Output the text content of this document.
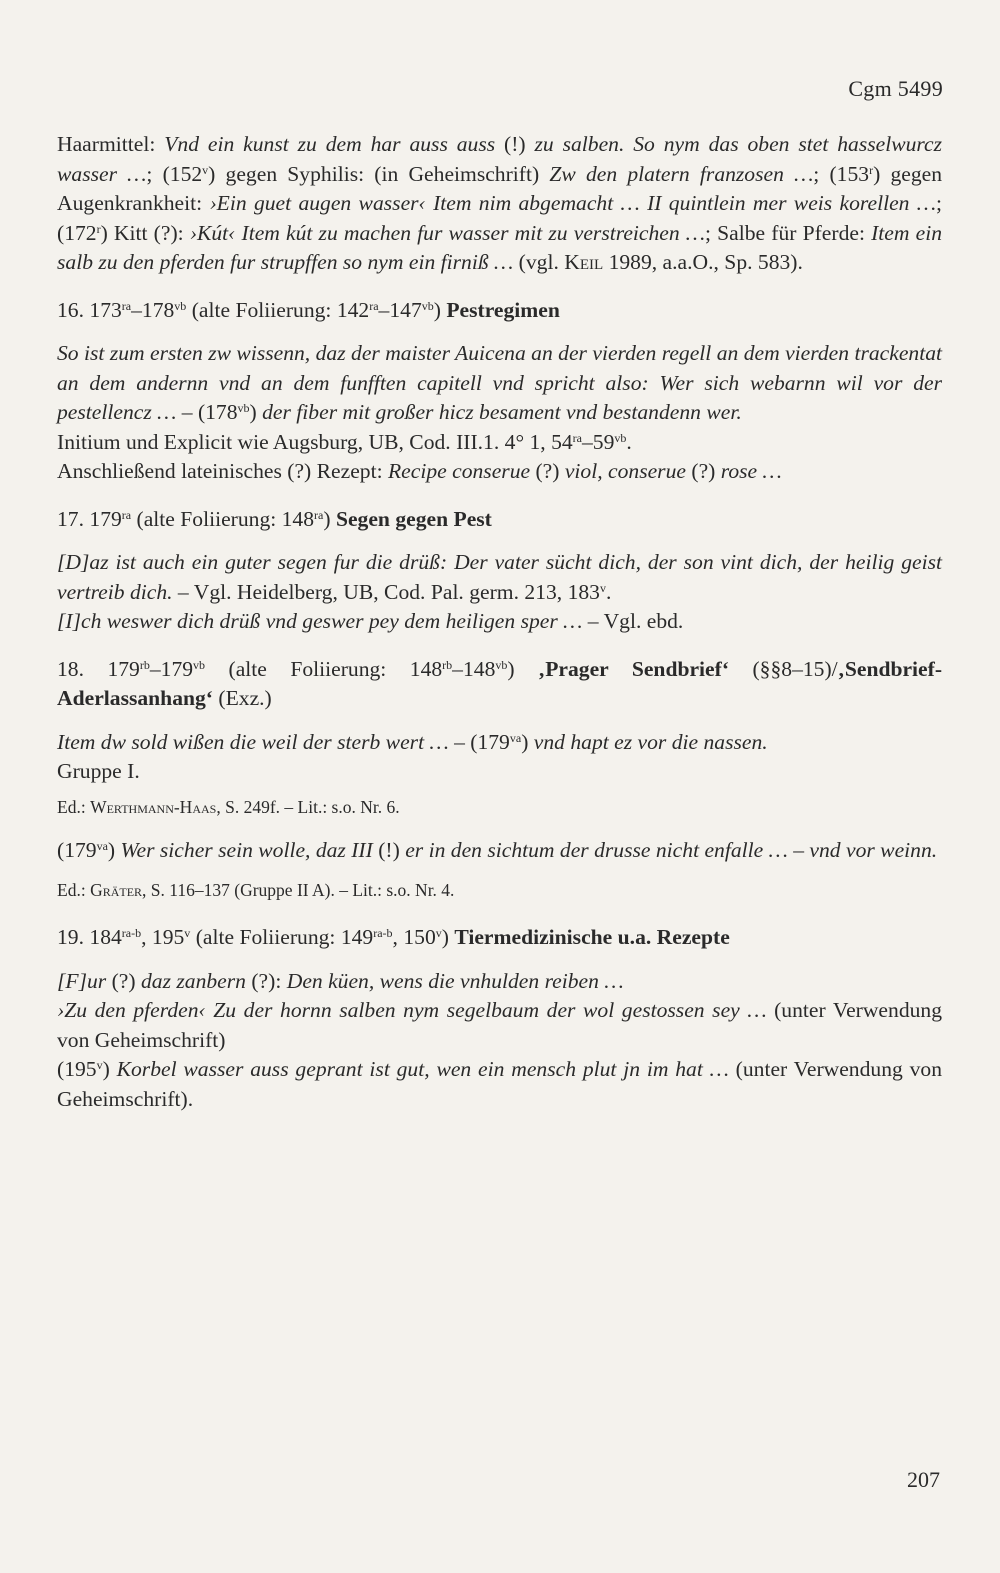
Cgm 5499

Haarmittel: Vnd ein kunst zu dem har auss auss (!) zu salben. So nym das oben stet hasselwurcz wasser …; (152$^v$) gegen Syphilis: (in Geheimschrift) Zw den platern franzosen …; (153$^r$) gegen Augenkrankheit: ›Ein guet augen wasser‹ Item nim abgemacht … II quintlein mer weis korellen …; (172$^r$) Kitt (?): ›Kút‹ Item kút zu machen fur wasser mit zu verstreichen …; Salbe für Pferde: Item ein salb zu den pferden fur strupffen so nym ein firniß … (vgl. Keil 1989, a.a.O., Sp. 583).

16. $173^{ra}-178^{vb}$ (alte Foliierung: $142^{ra}-147^{vb}$) Pestregimen

So ist zum ersten zw wissenn, daz der maister Auicena an der vierden regell an dem vierden trackentat an dem andernn vnd an dem funfften capitell vnd spricht also: Wer sich webarnn wil vor der pestellencz … – $(178^{vb})$ der fiber mit großer hicz besament vnd bestandenn wer.

Initium und Explicit wie Augsburg, UB, Cod. III.1. 4° 1, $54^{ra}-59^{vb}$.

Anschließend lateinisches (?) Rezept: Recipe conserue (?) viol, conserue (?) rose …

17. $179^{ra}$ (alte Foliierung: $148^{ra}$) Segen gegen Pest

[D]az ist auch ein guter segen fur die drüß: Der vater sücht dich, der son vint dich, der heilig geist vertreib dich. – Vgl. Heidelberg, UB, Cod. Pal. germ. 213, 183$^v$.

[I]ch weswer dich drüß vnd geswer pey dem heiligen sper … – Vgl. ebd.

18. $179^{rb}-179^{vb}$ (alte Foliierung: $148^{rb}-148^{vb}$) ‚Prager Sendbrief‘ (§§8–15)/‚Sendbrief-Aderlassanhang‘ (Exz.)

Item dw sold wißen die weil der sterb wert … – $(179^{va})$ vnd hapt ez vor die nassen.

Gruppe I.

Ed.: Werthmann-Haas, S. 249f. – Lit.: s.o. Nr. 6.

$(179^{va})$ Wer sicher sein wolle, daz III (!) er in den sichtum der drusse nicht enfalle … – vnd vor weinn.

Ed.: Gräter, S. 116–137 (Gruppe II A). – Lit.: s.o. Nr. 4.

19. $184^{ra-b}$, 195$^v$ (alte Foliierung: $149^{ra-b}$, 150$^v$) Tiermedizinische u.a. Rezepte

[F]ur (?) daz zanbern (?): Den küen, wens die vnhulden reiben …

›Zu den pferden‹ Zu der hornn salben nym segelbaum der wol gestossen sey … (unter Verwendung von Geheimschrift)

(195$^v$) Korbel wasser auss geprant ist gut, wen ein mensch plut jn im hat … (unter Verwendung von Geheimschrift).

207
